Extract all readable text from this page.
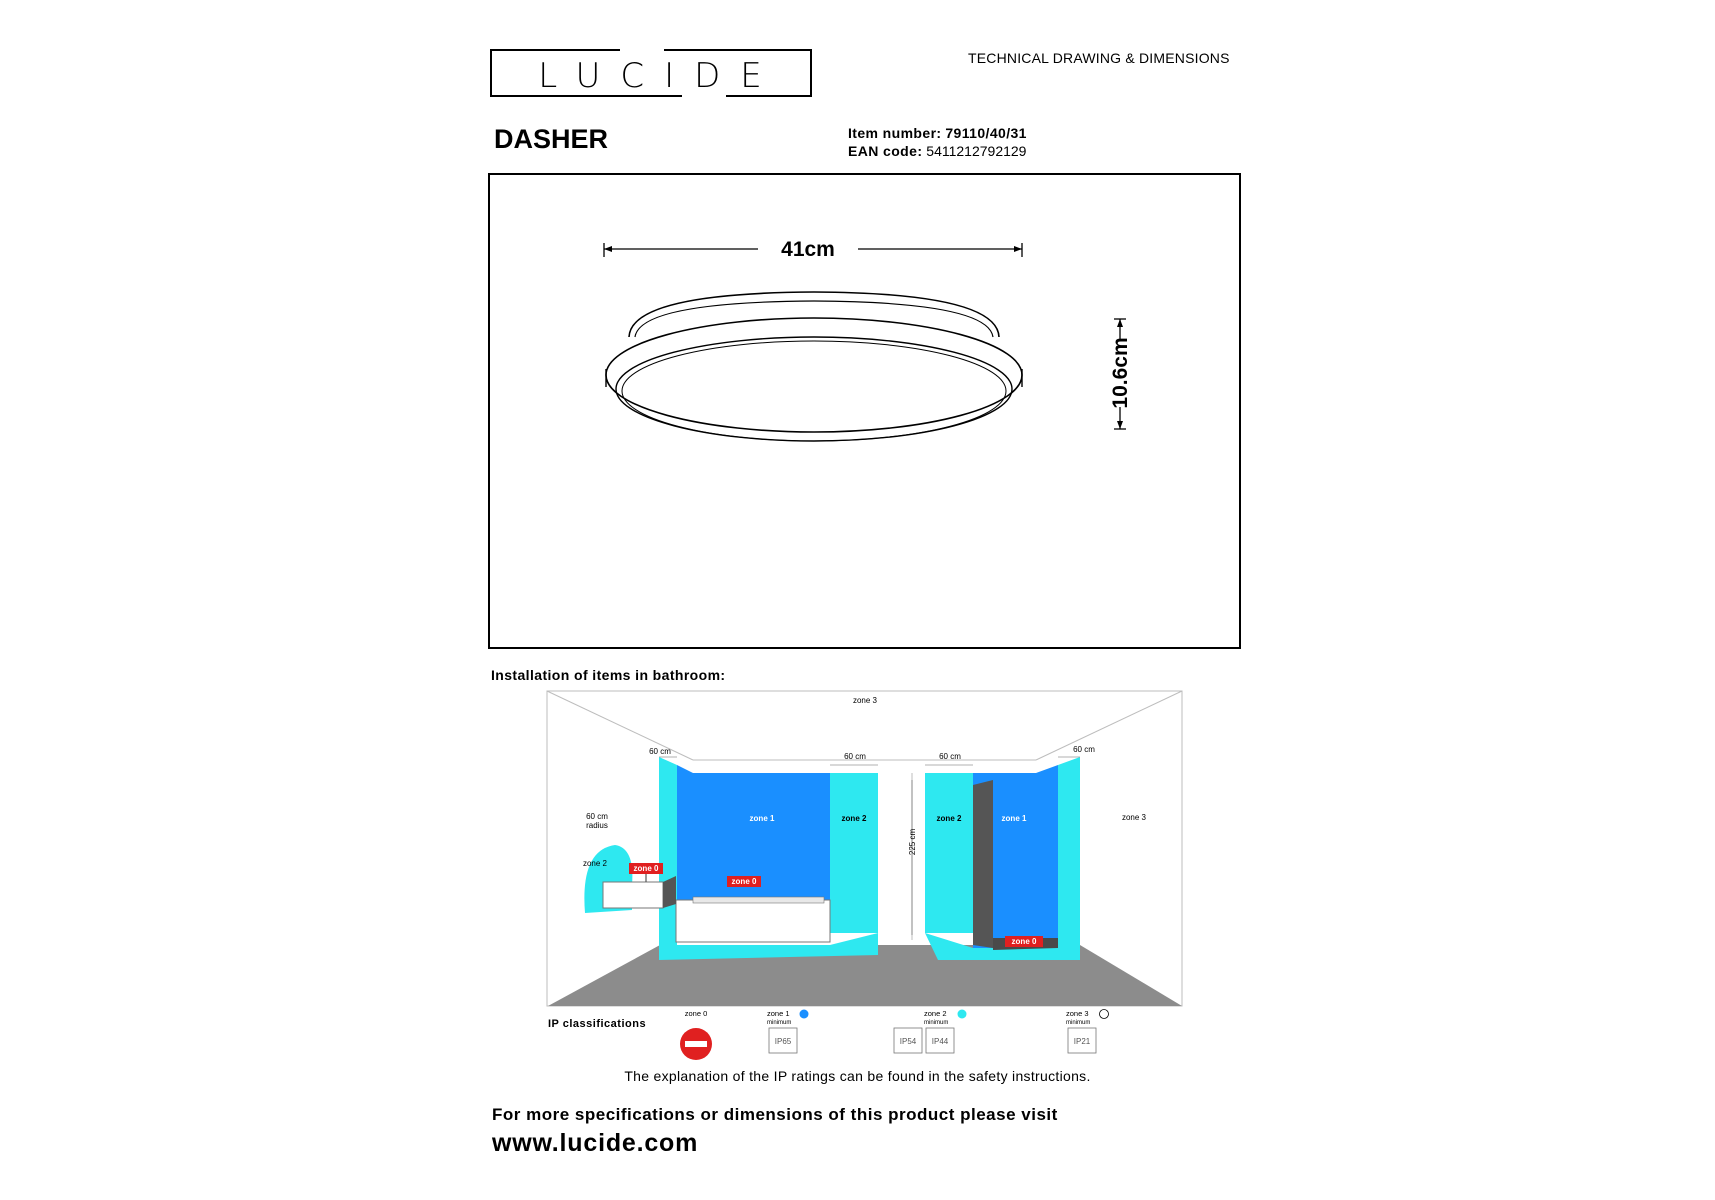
LUCIDE	TECHNICAL DRAWING & DIMENSIONS
DASHER	Item number: 79110/40/31
EAN code: 5411212792129
41cm
10.6cm
Installation of items in bathroom:
zone 3
zone 3
zone 1	zone 2	zone 2	zone 1
zone 2
zone 0
zone 0
zone 0
60 cm
60 cm	60 cm
60 cm
60 cm
radius
225 cm
IP classifications
zone 0	zone 1
minimum
IP65
zone 2
minimum
IP54 IP44
zone 3
minimum
IP21
The explanation of the IP ratings can be found in the safety instructions.
For more specifications or dimensions of this product please visit
www.lucide.com
